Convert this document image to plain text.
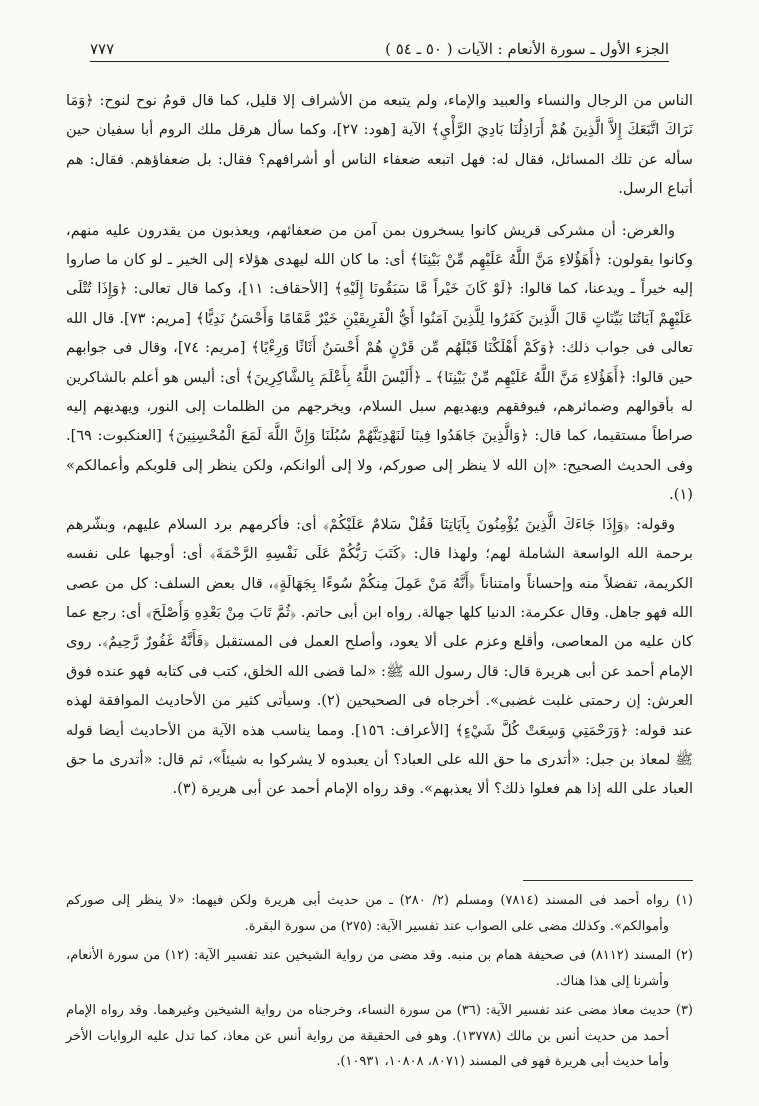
الجزء الأول ـ سورة الأنعام : الآيات ( ٥٠ ـ ٥٤ )
٧٧٧

الناس من الرجال والنساء والعبيد والإماء، ولم يتبعه من الأشراف إلا قليل، كما قال قومُ نوح لنوح: ﴿وَمَا نَرَاكَ اتَّبَعَكَ إِلاَّ الَّذِينَ هُمْ أَرَاذِلُنَا بَادِيَ الرَّأْيِ﴾ الآية [هود: ٢٧]، وكما سأل هرقل ملك الروم أبا سفيان حين سأله عن تلك المسائل، فقال له: فهل اتبعه ضعفاء الناس أو أشرافهم؟ فقال: بل ضعفاؤهم. فقال: هم أتباع الرسل.

والغرض: أن مشركى قريش كانوا يسخرون بمن آمن من ضعفائهم، ويعذبون من يقدرون عليه منهم، وكانوا يقولون: ﴿أَهَؤُلاءِ مَنَّ اللَّهُ عَلَيْهِم مِّنْ بَيْنِنَا﴾ أى: ما كان الله ليهدى هؤلاء إلى الخير ـ لو كان ما صاروا إليه خيراً ـ ويدعنا، كما قالوا: ﴿لَوْ كَانَ خَيْراً مَّا سَبَقُونَا إِلَيْهِ﴾ [الأحقاف: ١١]، وكما قال تعالى: ﴿وَإِذَا تُتْلَى عَلَيْهِمْ آيَاتُنَا بَيِّنَاتٍ قَالَ الَّذِينَ كَفَرُوا لِلَّذِينَ آمَنُوا أَيُّ الْفَرِيقَيْنِ خَيْرٌ مَّقَامًا وَأَحْسَنُ نَدِيًّا﴾ [مريم: ٧٣]. قال الله تعالى فى جواب ذلك: ﴿وَكَمْ أَهْلَكْنَا قَبْلَهُم مِّن قَرْنٍ هُمْ أَحْسَنُ أَثَاثًا وَرِءْيًا﴾ [مريم: ٧٤]، وقال فى جوابهم حين قالوا: ﴿أَهَؤُلاءِ مَنَّ اللَّهُ عَلَيْهِم مِّنْ بَيْنِنَا﴾ ـ ﴿أَلَيْسَ اللَّهُ بِأَعْلَمَ بِالشَّاكِرِينَ﴾ أى: أليس هو أعلم بالشاكرين له بأقوالهم وضمائرهم، فيوفقهم ويهديهم سبل السلام، ويخرجهم من الظلمات إلى النور، ويهديهم إليه صراطاً مستقيما، كما قال: ﴿وَالَّذِينَ جَاهَدُوا فِينَا لَنَهْدِيَنَّهُمْ سُبُلَنَا وَإِنَّ اللَّهَ لَمَعَ الْمُحْسِنِينَ﴾ [العنكبوت: ٦٩]. وفى الحديث الصحيح: «إن الله لا ينظر إلى صوركم، ولا إلى ألوانكم، ولكن ينظر إلى قلوبكم وأعمالكم» (١).

وقوله: ﴿وَإِذَا جَاءَكَ الَّذِينَ يُؤْمِنُونَ بِآيَاتِنَا فَقُلْ سَلامٌ عَلَيْكُمْ﴾ أى: فأكرمهم برد السلام عليهم، وبشّرهم برحمة الله الواسعة الشاملة لهم؛ ولهذا قال: ﴿كَتَبَ رَبُّكُمْ عَلَى نَفْسِهِ الرَّحْمَةَ﴾ أى: أوجبها على نفسه الكريمة، تفضلاً منه وإحساناً وامتناناً ﴿أَنَّهُ مَنْ عَمِلَ مِنكُمْ سُوءًا بِجَهَالَةٍ﴾، قال بعض السلف: كل من عصى الله فهو جاهل. وقال عكرمة: الدنيا كلها جهالة. رواه ابن أبى حاتم. ﴿ثُمَّ تَابَ مِنْ بَعْدِهِ وَأَصْلَحَ﴾ أى: رجع عما كان عليه من المعاصى، وأقلع وعزم على ألا يعود، وأصلح العمل فى المستقبل ﴿فَأَنَّهُ غَفُورٌ رَّحِيمٌ﴾. روى الإمام أحمد عن أبى هريرة قال: قال رسول الله ﷺ: «لما قضى الله الخلق، كتب فى كتابه فهو عنده فوق العرش: إن رحمتى غلبت غضبى». أخرجاه فى الصحيحين (٢). وسيأتى كثير من الأحاديث الموافقة لهذه عند قوله: ﴿وَرَحْمَتِي وَسِعَتْ كُلَّ شَيْءٍ﴾ [الأعراف: ١٥٦]. ومما يناسب هذه الآية من الأحاديث أيضا قوله ﷺ لمعاذ بن جبل: «أتدرى ما حق الله على العباد؟ أن يعبدوه لا يشركوا به شيئاً»، ثم قال: «أتدرى ما حق العباد على الله إذا هم فعلوا ذلك؟ ألا يعذبهم». وقد رواه الإمام أحمد عن أبى هريرة (٣).

(١) رواه أحمد فى المسند (٧٨١٤) ومسلم (٢/ ٢٨٠) ـ من حديث أبى هريرة ولكن فيهما: «لا ينظر إلى صوركم وأموالكم». وكذلك مضى على الصواب عند تفسير الآية: (٢٧٥) من سورة البقرة.

(٢) المسند (٨١١٢) فى صحيفة همام بن منبه. وقد مضى من رواية الشيخين عند تفسير الآية: (١٢) من سورة الأنعام، وأشرنا إلى هذا هناك.

(٣) حديث معاذ مضى عند تفسير الآية: (٣٦) من سورة النساء، وخرجناه من رواية الشيخين وغيرهما. وقد رواه الإمام أحمد من حديث أنس بن مالك (١٣٧٧٨). وهو فى الحقيقة من رواية أنس عن معاذ، كما تدل عليه الروايات الأخر وأما حديث أبى هريرة فهو فى المسند (٨٠٧١، ١٠٨٠٨، ١٠٩٣١).
